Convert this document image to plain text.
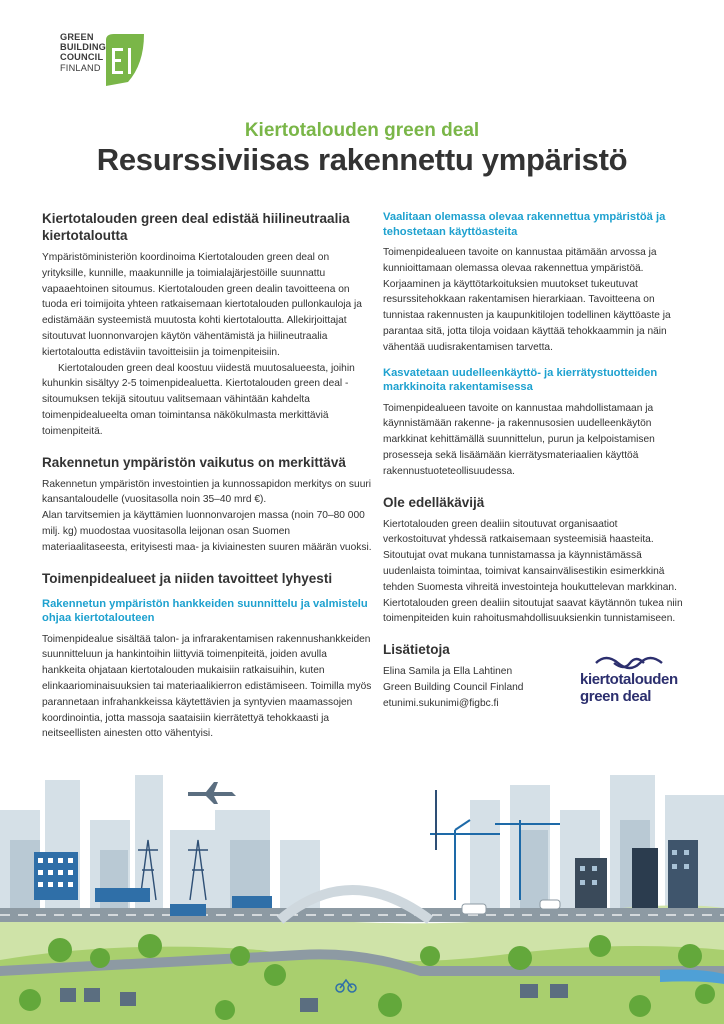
GREEN
BUILDING
COUNCIL
FINLAND
Kiertotalouden green deal
Resurssiviisas rakennettu ympäristö
Kiertotalouden green deal edistää hiilineutraalia kiertotaloutta

Ympäristöministeriön koordinoima Kiertotalouden green deal on yrityksille, kunnille, maakunnille ja toimialajärjestöille suunnattu vapaaehtoinen sitoumus. Kiertotalouden green dealin tavoitteena on tuoda eri toimijoita yhteen ratkaisemaan kiertotalouden pullonkauloja ja edistämään systeemistä muutosta kohti kiertotaloutta. Allekirjoittajat sitoutuvat luonnonvarojen käytön vähentämistä ja hiilineutraalia kiertotaloutta edistäviin tavoitteisiin ja toimenpiteisiin.

Kiertotalouden green deal koostuu viidestä muutosalueesta, joihin kuhunkin sisältyy 2-5 toimenpidealuetta. Kiertotalouden green deal -sitoumuksen tekijä sitoutuu valitsemaan vähintään kahdelta toimenpidealueelta oman toimintansa näkökulmasta merkittäviä toimenpiteitä.

Rakennetun ympäristön vaikutus on merkittävä

Rakennetun ympäristön investointien ja kunnossapidon merkitys on suuri kansantaloudelle (vuositasolla noin 35–40 mrd €).

Alan tarvitsemien ja käyttämien luonnonvarojen massa (noin 70–80 000 milj. kg) muodostaa vuositasolla leijonan osan Suomen materiaalitaseesta, erityisesti maa- ja kiviainesten suuren määrän vuoksi.

Toimenpidealueet ja niiden tavoitteet lyhyesti
Rakennetun ympäristön hankkeiden suunnittelu ja valmistelu ohjaa kiertotalouteen

Toimenpidealue sisältää talon- ja infrarakentamisen rakennushankkeiden suunnitteluun ja hankintoihin liittyviä toimenpiteitä, joiden avulla hankkeita ohjataan kiertotalouden mukaisiin ratkaisuihin, kuten elinkaariominaisuuksien tai materiaalikierron edistämiseen. Toimilla myös parannetaan infrahankkeissa käytettävien ja syntyvien maamassojen koordinointia, jotta massoja saataisiin kierrätettyä tehokkaasti ja neitseellisten ainesten otto vähentyisi.

Vaalitaan olemassa olevaa rakennettua ympäristöä ja tehostetaan käyttöasteita

Toimenpidealueen tavoite on kannustaa pitämään arvossa ja kunnioittamaan olemassa olevaa rakennettua ympäristöä. Korjaaminen ja käyttötarkoituksien muutokset tukeutuvat resurssitehokkaan rakentamisen hierarkiaan. Tavoitteena on tunnistaa rakennusten ja kaupunkitilojen todellinen käyttöaste ja parantaa sitä, jotta tiloja voidaan käyttää tehokkaammin ja näin vähentää uudisrakentamisen tarvetta.

Kasvatetaan uudelleenkäyttö- ja kierrätystuotteiden markkinoita rakentamisessa

Toimenpidealueen tavoite on kannustaa mahdollistamaan ja käynnistämään rakenne- ja rakennusosien uudelleenkäytön markkinat kehittämällä suunnittelun, purun ja kelpoistamisen prosesseja sekä lisäämään kierrätysmateriaalien käyttöä rakennustuoteteollisuudessa.

Ole edelläkävijä

Kiertotalouden green dealiin sitoutuvat organisaatiot verkostoituvat yhdessä ratkaisemaan systeemisiä haasteita. Sitoutujat ovat mukana tunnistamassa ja käynnistämässä uudenlaista toimintaa, toimivat kansainvälisestikin esimerkkinä tehden Suomesta vihreitä investointeja houkuttelevan markkinan. Kiertotalouden green dealiin sitoutujat saavat käytännön tukea niin toimenpiteiden kuin rahoitusmahdollisuuksienkin tunnistamiseen.

Lisätietoja

Elina Samila ja Ella Lahtinen

Green Building Council Finland

etunimi.sukunimi@figbc.fi

kiertotalouden
green deal
